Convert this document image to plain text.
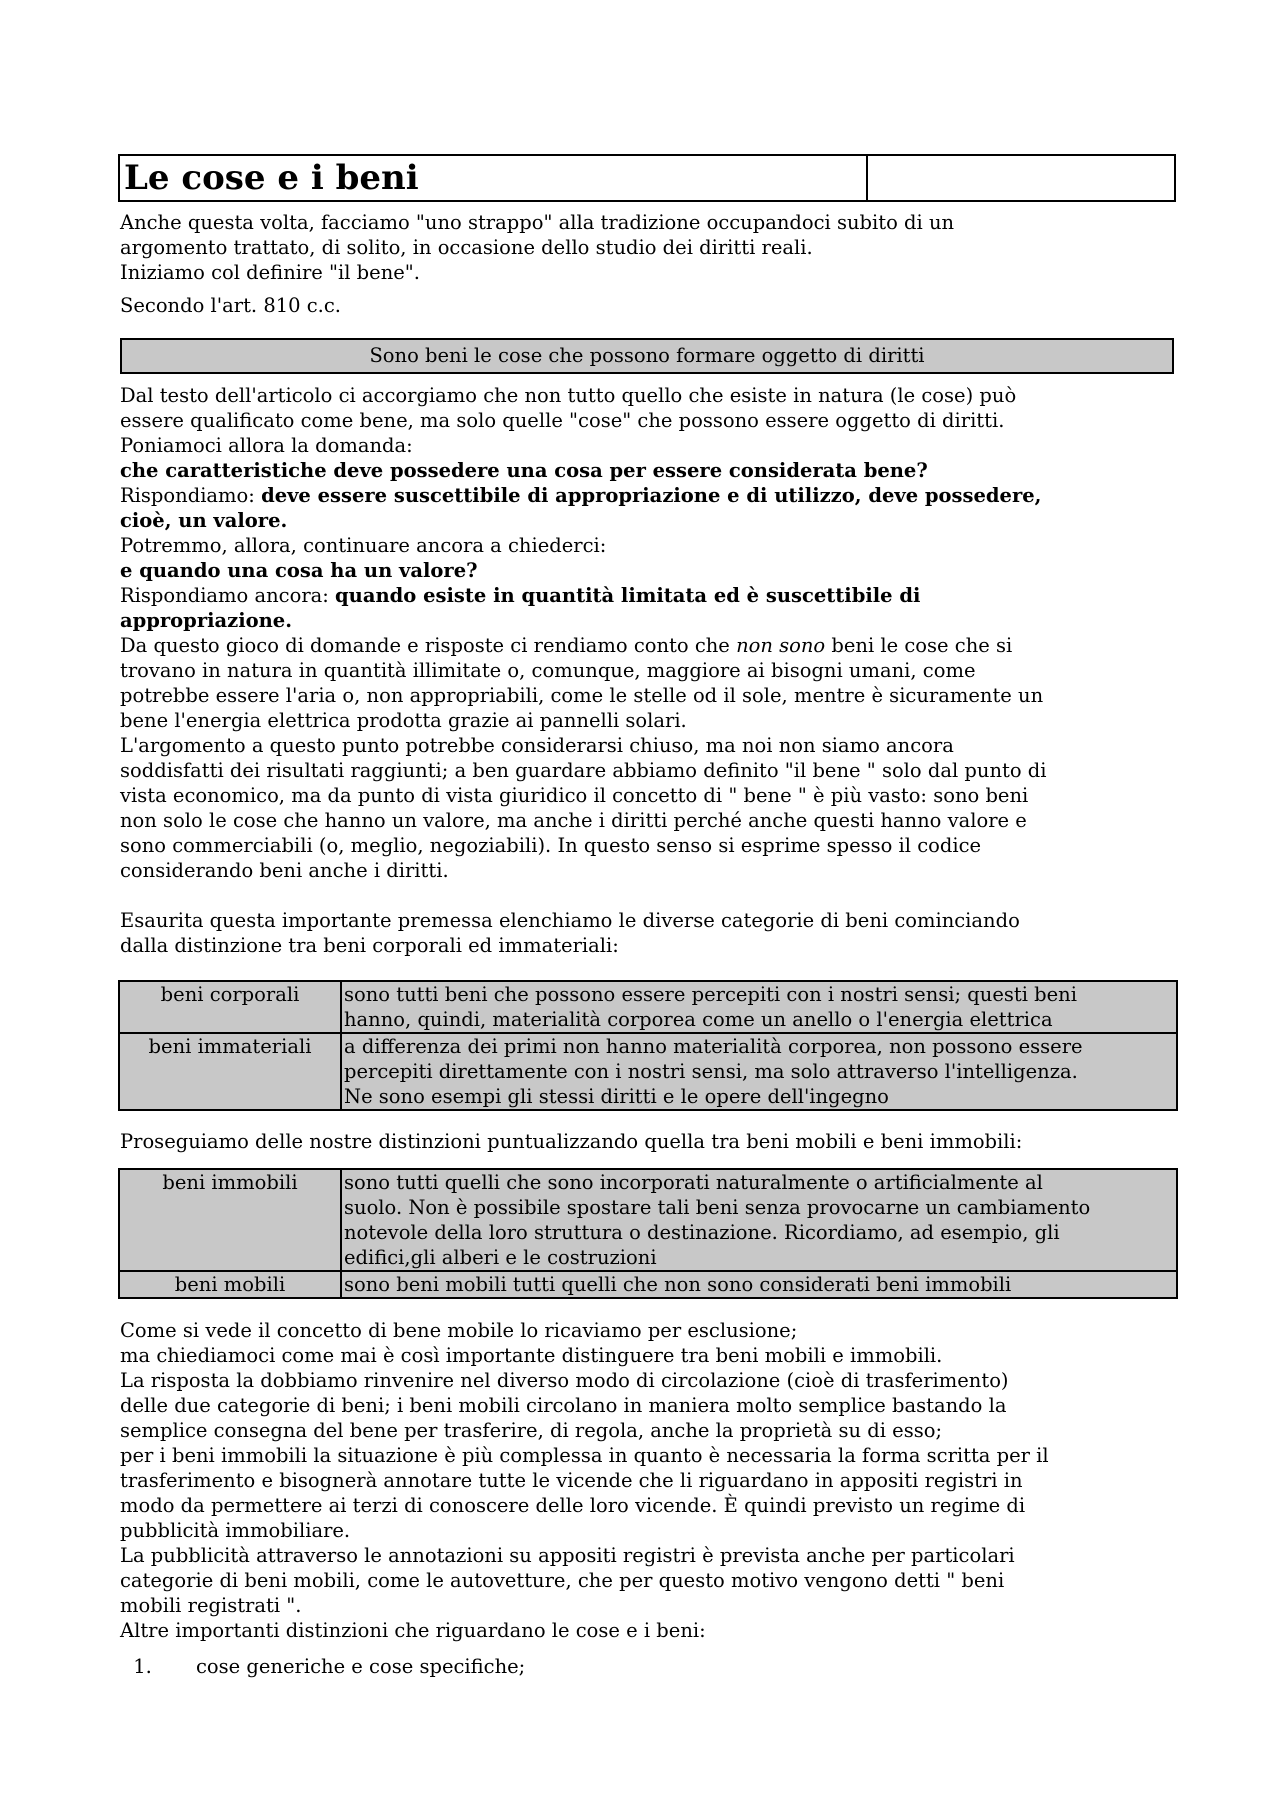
Le cose e i beni

Anche questa volta, facciamo "uno strappo" alla tradizione occupandoci subito di un

argomento trattato, di solito, in occasione dello studio dei diritti reali.

Iniziamo col definire "il bene".

Secondo l'art. 810 c.c.

Sono beni le cose che possono formare oggetto di diritti

Dal testo dell'articolo ci accorgiamo che non tutto quello che esiste in natura (le cose) può

essere qualificato come bene, ma solo quelle "cose" che possono essere oggetto di diritti.

Poniamoci allora la domanda:

che caratteristiche deve possedere una cosa per essere considerata bene?

Rispondiamo: deve essere suscettibile di appropriazione e di utilizzo, deve possedere,

cioè, un valore.

Potremmo, allora, continuare ancora a chiederci:

e quando una cosa ha un valore?

Rispondiamo ancora: quando esiste in quantità limitata ed è suscettibile di

appropriazione.

Da questo gioco di domande e risposte ci rendiamo conto che non sono beni le cose che si

trovano in natura in quantità illimitate o, comunque, maggiore ai bisogni umani, come

potrebbe essere l'aria o, non appropriabili, come le stelle od il sole, mentre è sicuramente un

bene l'energia elettrica prodotta grazie ai pannelli solari.

L'argomento a questo punto potrebbe considerarsi chiuso, ma noi non siamo ancora

soddisfatti dei risultati raggiunti; a ben guardare abbiamo definito "il bene " solo dal punto di

vista economico, ma da punto di vista giuridico il concetto di " bene " è più vasto: sono beni

non solo le cose che hanno un valore, ma anche i diritti perché anche questi hanno valore e

sono commerciabili (o, meglio, negoziabili). In questo senso si esprime spesso il codice

considerando beni anche i diritti.

Esaurita questa importante premessa elenchiamo le diverse categorie di beni cominciando

dalla distinzione tra beni corporali ed immateriali:

beni corporali	sono tutti beni che possono essere percepiti con i nostri sensi; questi beni
hanno, quindi, materialità corporea come un anello o l'energia elettrica

beni immateriali	a differenza dei primi non hanno materialità corporea, non possono essere
percepiti direttamente con i nostri sensi, ma solo attraverso l'intelligenza.
Ne sono esempi gli stessi diritti e le opere dell'ingegno

Proseguiamo delle nostre distinzioni puntualizzando quella tra beni mobili e beni immobili:

beni immobili	sono tutti quelli che sono incorporati naturalmente o artificialmente al
suolo. Non è possibile spostare tali beni senza provocarne un cambiamento
notevole della loro struttura o destinazione. Ricordiamo, ad esempio, gli
edifici,gli alberi e le costruzioni

beni mobili	sono beni mobili tutti quelli che non sono considerati beni immobili

Come si vede il concetto di bene mobile lo ricaviamo per esclusione;

ma chiediamoci come mai è così importante distinguere tra beni mobili e immobili.

La risposta la dobbiamo rinvenire nel diverso modo di circolazione (cioè di trasferimento)

delle due categorie di beni; i beni mobili circolano in maniera molto semplice bastando la

semplice consegna del bene per trasferire, di regola, anche la proprietà su di esso;

per i beni immobili la situazione è più complessa in quanto è necessaria la forma scritta per il

trasferimento e bisognerà annotare tutte le vicende che li riguardano in appositi registri in

modo da permettere ai terzi di conoscere delle loro vicende. È quindi previsto un regime di

pubblicità immobiliare.

La pubblicità attraverso le annotazioni su appositi registri è prevista anche per particolari

categorie di beni mobili, come le autovetture, che per questo motivo vengono detti " beni

mobili registrati ".

Altre importanti distinzioni che riguardano le cose e i beni:

1. cose generiche e cose specifiche;
